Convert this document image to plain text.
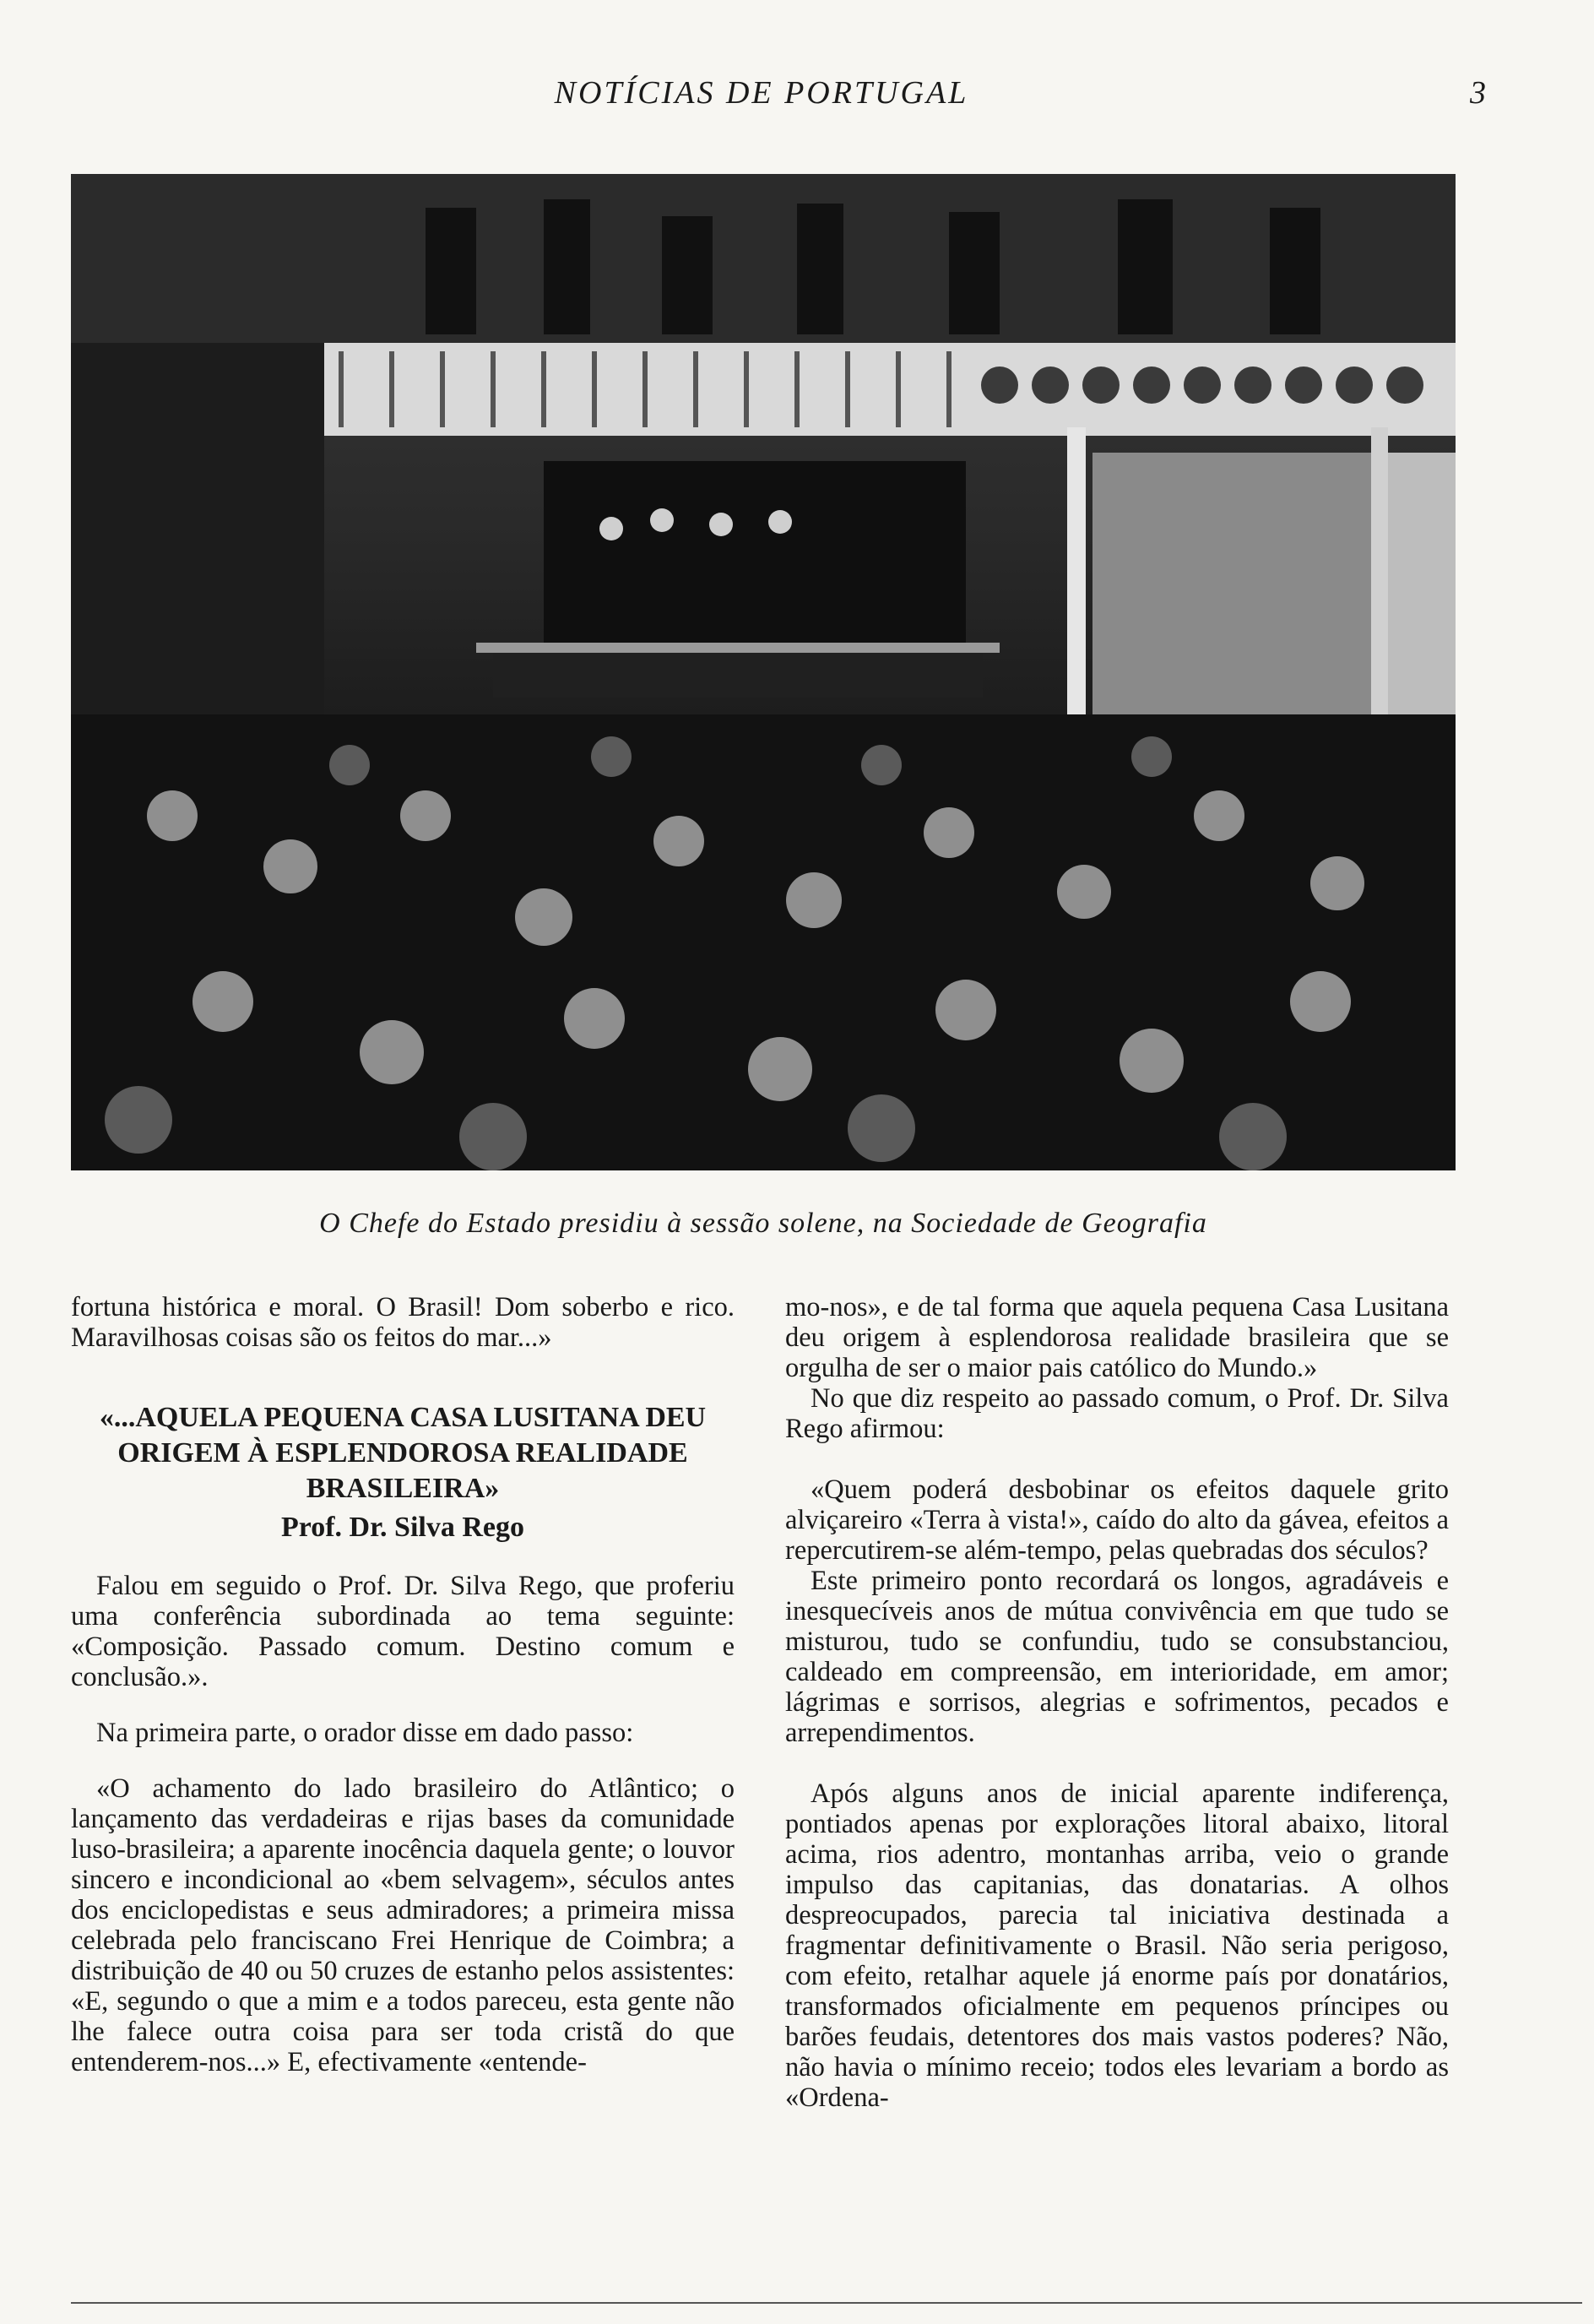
NOTÍCIAS DE PORTUGAL	3
O Chefe do Estado presidiu à sessão solene, na Sociedade de Geografia

fortuna histórica e moral. O Brasil! Dom soberbo e rico. Maravilhosas coisas são os feitos do mar...»

«...AQUELA PEQUENA CASA LUSITANA DEU ORIGEM À ESPLENDOROSA REALIDADE BRASILEIRA»
Prof. Dr. Silva Rego

Falou em seguido o Prof. Dr. Silva Rego, que proferiu uma conferência subordinada ao tema seguinte: «Composição. Passado comum. Destino comum e conclusão.».

Na primeira parte, o orador disse em dado passo:

«O achamento do lado brasileiro do Atlântico; o lançamento das verdadeiras e rijas bases da comunidade luso-brasileira; a aparente inocência daquela gente; o louvor sincero e incondicional ao «bem selvagem», séculos antes dos enciclopedistas e seus admiradores; a primeira missa celebrada pelo franciscano Frei Henrique de Coimbra; a distribuição de 40 ou 50 cruzes de estanho pelos assistentes: «E, segundo o que a mim e a todos pareceu, esta gente não lhe falece outra coisa para ser toda cristã do que entenderem-nos...» E, efectivamente «entende-

mo-nos», e de tal forma que aquela pequena Casa Lusitana deu origem à esplendorosa realidade brasileira que se orgulha de ser o maior pais católico do Mundo.»

No que diz respeito ao passado comum, o Prof. Dr. Silva Rego afirmou:

«Quem poderá desbobinar os efeitos daquele grito alviçareiro «Terra à vista!», caído do alto da gávea, efeitos a repercutirem-se além-tempo, pelas quebradas dos séculos?

Este primeiro ponto recordará os longos, agradáveis e inesquecíveis anos de mútua convivência em que tudo se misturou, tudo se confundiu, tudo se consubstanciou, caldeado em compreensão, em interioridade, em amor; lágrimas e sorrisos, alegrias e sofrimentos, pecados e arrependimentos.

Após alguns anos de inicial aparente indiferença, pontiados apenas por explorações litoral abaixo, litoral acima, rios adentro, montanhas arriba, veio o grande impulso das capitanias, das donatarias. A olhos despreocupados, parecia tal iniciativa destinada a fragmentar definitivamente o Brasil. Não seria perigoso, com efeito, retalhar aquele já enorme país por donatários, transformados oficialmente em pequenos príncipes ou barões feudais, detentores dos mais vastos poderes? Não, não havia o mínimo receio; todos eles levariam a bordo as «Ordena-
